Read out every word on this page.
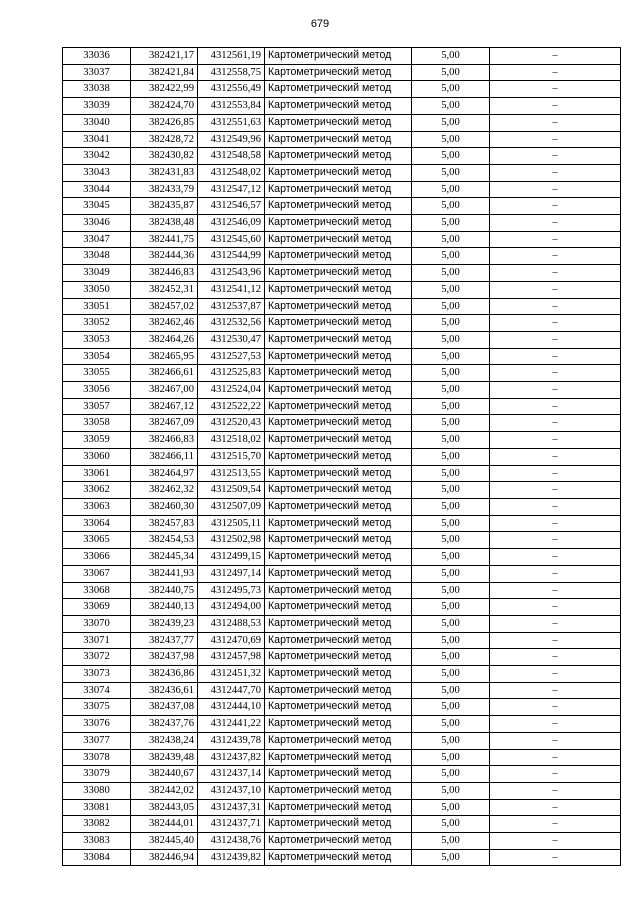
679
33036	382421,17	4312561,19	Картометрический метод	5,00	–
33037	382421,84	4312558,75	Картометрический метод	5,00	–
33038	382422,99	4312556,49	Картометрический метод	5,00	–
33039	382424,70	4312553,84	Картометрический метод	5,00	–
33040	382426,85	4312551,63	Картометрический метод	5,00	–
33041	382428,72	4312549,96	Картометрический метод	5,00	–
33042	382430,82	4312548,58	Картометрический метод	5,00	–
33043	382431,83	4312548,02	Картометрический метод	5,00	–
33044	382433,79	4312547,12	Картометрический метод	5,00	–
33045	382435,87	4312546,57	Картометрический метод	5,00	–
33046	382438,48	4312546,09	Картометрический метод	5,00	–
33047	382441,75	4312545,60	Картометрический метод	5,00	–
33048	382444,36	4312544,99	Картометрический метод	5,00	–
33049	382446,83	4312543,96	Картометрический метод	5,00	–
33050	382452,31	4312541,12	Картометрический метод	5,00	–
33051	382457,02	4312537,87	Картометрический метод	5,00	–
33052	382462,46	4312532,56	Картометрический метод	5,00	–
33053	382464,26	4312530,47	Картометрический метод	5,00	–
33054	382465,95	4312527,53	Картометрический метод	5,00	–
33055	382466,61	4312525,83	Картометрический метод	5,00	–
33056	382467,00	4312524,04	Картометрический метод	5,00	–
33057	382467,12	4312522,22	Картометрический метод	5,00	–
33058	382467,09	4312520,43	Картометрический метод	5,00	–
33059	382466,83	4312518,02	Картометрический метод	5,00	–
33060	382466,11	4312515,70	Картометрический метод	5,00	–
33061	382464,97	4312513,55	Картометрический метод	5,00	–
33062	382462,32	4312509,54	Картометрический метод	5,00	–
33063	382460,30	4312507,09	Картометрический метод	5,00	–
33064	382457,83	4312505,11	Картометрический метод	5,00	–
33065	382454,53	4312502,98	Картометрический метод	5,00	–
33066	382445,34	4312499,15	Картометрический метод	5,00	–
33067	382441,93	4312497,14	Картометрический метод	5,00	–
33068	382440,75	4312495,73	Картометрический метод	5,00	–
33069	382440,13	4312494,00	Картометрический метод	5,00	–
33070	382439,23	4312488,53	Картометрический метод	5,00	–
33071	382437,77	4312470,69	Картометрический метод	5,00	–
33072	382437,98	4312457,98	Картометрический метод	5,00	–
33073	382436,86	4312451,32	Картометрический метод	5,00	–
33074	382436,61	4312447,70	Картометрический метод	5,00	–
33075	382437,08	4312444,10	Картометрический метод	5,00	–
33076	382437,76	4312441,22	Картометрический метод	5,00	–
33077	382438,24	4312439,78	Картометрический метод	5,00	–
33078	382439,48	4312437,82	Картометрический метод	5,00	–
33079	382440,67	4312437,14	Картометрический метод	5,00	–
33080	382442,02	4312437,10	Картометрический метод	5,00	–
33081	382443,05	4312437,31	Картометрический метод	5,00	–
33082	382444,01	4312437,71	Картометрический метод	5,00	–
33083	382445,40	4312438,76	Картометрический метод	5,00	–
33084	382446,94	4312439,82	Картометрический метод	5,00	–
